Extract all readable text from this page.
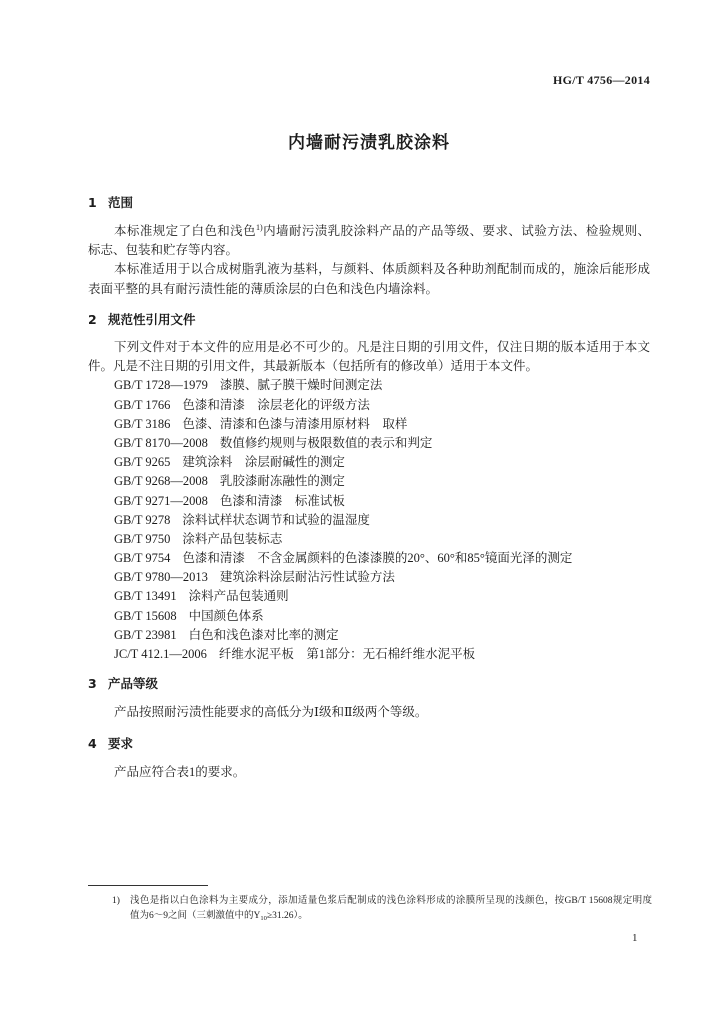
HG/T 4756—2014
内墙耐污渍乳胶涂料
1 范围
本标准规定了白色和浅色$^{1)}$内墙耐污渍乳胶涂料产品的产品等级、要求、试验方法、检验规则、
标志、包装和贮存等内容。
本标准适用于以合成树脂乳液为基料，与颜料、体质颜料及各种助剂配制而成的，施涂后能形成
表面平整的具有耐污渍性能的薄质涂层的白色和浅色内墙涂料。
2 规范性引用文件
下列文件对于本文件的应用是必不可少的。凡是注日期的引用文件，仅注日期的版本适用于本文
件。凡是不注日期的引用文件，其最新版本（包括所有的修改单）适用于本文件。
GB/T 1728—1979 漆膜、腻子膜干燥时间测定法
GB/T 1766 色漆和清漆　涂层老化的评级方法
GB/T 3186 色漆、清漆和色漆与清漆用原材料　取样
GB/T 8170—2008 数值修约规则与极限数值的表示和判定
GB/T 9265 建筑涂料　涂层耐碱性的测定
GB/T 9268—2008 乳胶漆耐冻融性的测定
GB/T 9271—2008 色漆和清漆　标准试板
GB/T 9278 涂料试样状态调节和试验的温湿度
GB/T 9750 涂料产品包装标志
GB/T 9754 色漆和清漆　不含金属颜料的色漆漆膜的20°、60°和85°镜面光泽的测定
GB/T 9780—2013 建筑涂料涂层耐沾污性试验方法
GB/T 13491 涂料产品包装通则
GB/T 15608 中国颜色体系
GB/T 23981 白色和浅色漆对比率的测定
JC/T 412.1—2006 纤维水泥平板　第1部分：无石棉纤维水泥平板
3 产品等级
产品按照耐污渍性能要求的高低分为Ⅰ级和Ⅱ级两个等级。
4 要求
产品应符合表1的要求。
1)	浅色是指以白色涂料为主要成分，添加适量色浆后配制成的浅色涂料形成的涂膜所呈现的浅颜色，按GB/T 15608规定明度
值为6～9之间（三刺激值中的$Y_{10}\ge 31.26$）。
1
